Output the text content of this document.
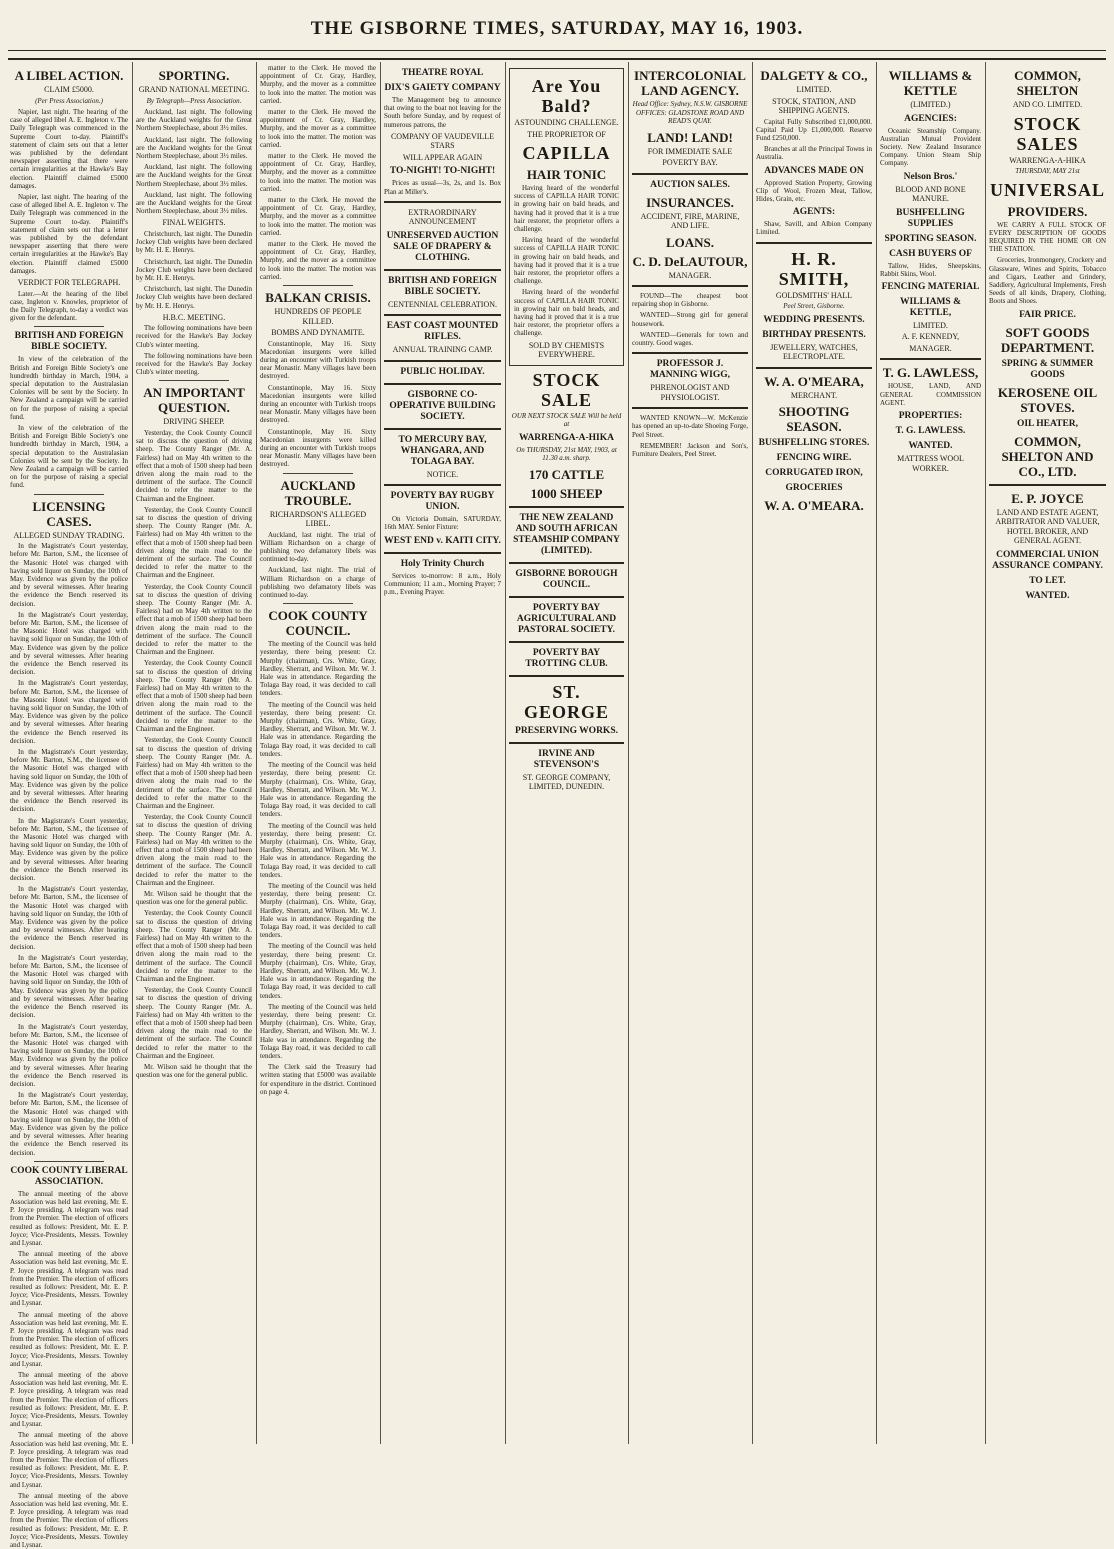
THE GISBORNE TIMES, SATURDAY, MAY 16, 1903.
A LIBEL ACTION.
CLAIM £5000.
(Per Press Association.)
Napier, last night. The hearing of the case of alleged libel A. E. Ingleton v. The Daily Telegraph was commenced in the Supreme Court to-day. Plaintiff's statement of claim sets out that a letter was published by the defendant newspaper asserting that there were certain irregularities at the Hawke's Bay election. Plaintiff claimed £5000 damages.
Napier, last night. The hearing of the case of alleged libel A. E. Ingleton v. The Daily Telegraph was commenced in the Supreme Court to-day. Plaintiff's statement of claim sets out that a letter was published by the defendant newspaper asserting that there were certain irregularities at the Hawke's Bay election. Plaintiff claimed £5000 damages.
VERDICT FOR TELEGRAPH.
Later.—At the hearing of the libel case, Ingleton v. Knowles, proprietor of the Daily Telegraph, to-day a verdict was given for the defendant.
BRITISH AND FOREIGN BIBLE SOCIETY.
In view of the celebration of the British and Foreign Bible Society's one hundredth birthday in March, 1904, a special deputation to the Australasian Colonies will be sent by the Society. In New Zealand a campaign will be carried on for the purpose of raising a special fund.
In view of the celebration of the British and Foreign Bible Society's one hundredth birthday in March, 1904, a special deputation to the Australasian Colonies will be sent by the Society. In New Zealand a campaign will be carried on for the purpose of raising a special fund.
LICENSING CASES.
ALLEGED SUNDAY TRADING.
In the Magistrate's Court yesterday, before Mr. Barton, S.M., the licensee of the Masonic Hotel was charged with having sold liquor on Sunday, the 10th of May. Evidence was given by the police and by several witnesses. After hearing the evidence the Bench reserved its decision.
In the Magistrate's Court yesterday, before Mr. Barton, S.M., the licensee of the Masonic Hotel was charged with having sold liquor on Sunday, the 10th of May. Evidence was given by the police and by several witnesses. After hearing the evidence the Bench reserved its decision.
In the Magistrate's Court yesterday, before Mr. Barton, S.M., the licensee of the Masonic Hotel was charged with having sold liquor on Sunday, the 10th of May. Evidence was given by the police and by several witnesses. After hearing the evidence the Bench reserved its decision.
In the Magistrate's Court yesterday, before Mr. Barton, S.M., the licensee of the Masonic Hotel was charged with having sold liquor on Sunday, the 10th of May. Evidence was given by the police and by several witnesses. After hearing the evidence the Bench reserved its decision.
In the Magistrate's Court yesterday, before Mr. Barton, S.M., the licensee of the Masonic Hotel was charged with having sold liquor on Sunday, the 10th of May. Evidence was given by the police and by several witnesses. After hearing the evidence the Bench reserved its decision.
In the Magistrate's Court yesterday, before Mr. Barton, S.M., the licensee of the Masonic Hotel was charged with having sold liquor on Sunday, the 10th of May. Evidence was given by the police and by several witnesses. After hearing the evidence the Bench reserved its decision.
In the Magistrate's Court yesterday, before Mr. Barton, S.M., the licensee of the Masonic Hotel was charged with having sold liquor on Sunday, the 10th of May. Evidence was given by the police and by several witnesses. After hearing the evidence the Bench reserved its decision.
In the Magistrate's Court yesterday, before Mr. Barton, S.M., the licensee of the Masonic Hotel was charged with having sold liquor on Sunday, the 10th of May. Evidence was given by the police and by several witnesses. After hearing the evidence the Bench reserved its decision.
In the Magistrate's Court yesterday, before Mr. Barton, S.M., the licensee of the Masonic Hotel was charged with having sold liquor on Sunday, the 10th of May. Evidence was given by the police and by several witnesses. After hearing the evidence the Bench reserved its decision.
COOK COUNTY LIBERAL ASSOCIATION.
The annual meeting of the above Association was held last evening, Mr. E. P. Joyce presiding. A telegram was read from the Premier. The election of officers resulted as follows: President, Mr. E. P. Joyce; Vice-Presidents, Messrs. Townley and Lysnar.
The annual meeting of the above Association was held last evening, Mr. E. P. Joyce presiding. A telegram was read from the Premier. The election of officers resulted as follows: President, Mr. E. P. Joyce; Vice-Presidents, Messrs. Townley and Lysnar.
The annual meeting of the above Association was held last evening, Mr. E. P. Joyce presiding. A telegram was read from the Premier. The election of officers resulted as follows: President, Mr. E. P. Joyce; Vice-Presidents, Messrs. Townley and Lysnar.
The annual meeting of the above Association was held last evening, Mr. E. P. Joyce presiding. A telegram was read from the Premier. The election of officers resulted as follows: President, Mr. E. P. Joyce; Vice-Presidents, Messrs. Townley and Lysnar.
The annual meeting of the above Association was held last evening, Mr. E. P. Joyce presiding. A telegram was read from the Premier. The election of officers resulted as follows: President, Mr. E. P. Joyce; Vice-Presidents, Messrs. Townley and Lysnar.
The annual meeting of the above Association was held last evening, Mr. E. P. Joyce presiding. A telegram was read from the Premier. The election of officers resulted as follows: President, Mr. E. P. Joyce; Vice-Presidents, Messrs. Townley and Lysnar.
SPORTING.
GRAND NATIONAL MEETING.
By Telegraph—Press Association.
Auckland, last night. The following are the Auckland weights for the Great Northern Steeplechase, about 3½ miles.
Auckland, last night. The following are the Auckland weights for the Great Northern Steeplechase, about 3½ miles.
Auckland, last night. The following are the Auckland weights for the Great Northern Steeplechase, about 3½ miles.
Auckland, last night. The following are the Auckland weights for the Great Northern Steeplechase, about 3½ miles.
FINAL WEIGHTS.
Christchurch, last night. The Dunedin Jockey Club weights have been declared by Mr. H. E. Henrys.
Christchurch, last night. The Dunedin Jockey Club weights have been declared by Mr. H. E. Henrys.
Christchurch, last night. The Dunedin Jockey Club weights have been declared by Mr. H. E. Henrys.
H.B.C. MEETING.
The following nominations have been received for the Hawke's Bay Jockey Club's winter meeting.
The following nominations have been received for the Hawke's Bay Jockey Club's winter meeting.
AN IMPORTANT QUESTION.
DRIVING SHEEP.
Yesterday, the Cook County Council sat to discuss the question of driving sheep. The County Ranger (Mr. A. Fairless) had on May 4th written to the effect that a mob of 1500 sheep had been driven along the main road to the detriment of the surface. The Council decided to refer the matter to the Chairman and the Engineer.
Yesterday, the Cook County Council sat to discuss the question of driving sheep. The County Ranger (Mr. A. Fairless) had on May 4th written to the effect that a mob of 1500 sheep had been driven along the main road to the detriment of the surface. The Council decided to refer the matter to the Chairman and the Engineer.
Yesterday, the Cook County Council sat to discuss the question of driving sheep. The County Ranger (Mr. A. Fairless) had on May 4th written to the effect that a mob of 1500 sheep had been driven along the main road to the detriment of the surface. The Council decided to refer the matter to the Chairman and the Engineer.
Yesterday, the Cook County Council sat to discuss the question of driving sheep. The County Ranger (Mr. A. Fairless) had on May 4th written to the effect that a mob of 1500 sheep had been driven along the main road to the detriment of the surface. The Council decided to refer the matter to the Chairman and the Engineer.
Yesterday, the Cook County Council sat to discuss the question of driving sheep. The County Ranger (Mr. A. Fairless) had on May 4th written to the effect that a mob of 1500 sheep had been driven along the main road to the detriment of the surface. The Council decided to refer the matter to the Chairman and the Engineer.
Yesterday, the Cook County Council sat to discuss the question of driving sheep. The County Ranger (Mr. A. Fairless) had on May 4th written to the effect that a mob of 1500 sheep had been driven along the main road to the detriment of the surface. The Council decided to refer the matter to the Chairman and the Engineer.
Mr. Wilson said he thought that the question was one for the general public.
Yesterday, the Cook County Council sat to discuss the question of driving sheep. The County Ranger (Mr. A. Fairless) had on May 4th written to the effect that a mob of 1500 sheep had been driven along the main road to the detriment of the surface. The Council decided to refer the matter to the Chairman and the Engineer.
Yesterday, the Cook County Council sat to discuss the question of driving sheep. The County Ranger (Mr. A. Fairless) had on May 4th written to the effect that a mob of 1500 sheep had been driven along the main road to the detriment of the surface. The Council decided to refer the matter to the Chairman and the Engineer.
Mr. Wilson said he thought that the question was one for the general public.
matter to the Clerk. He moved the appointment of Cr. Gray, Hardley, Murphy, and the mover as a committee to look into the matter. The motion was carried.
matter to the Clerk. He moved the appointment of Cr. Gray, Hardley, Murphy, and the mover as a committee to look into the matter. The motion was carried.
matter to the Clerk. He moved the appointment of Cr. Gray, Hardley, Murphy, and the mover as a committee to look into the matter. The motion was carried.
matter to the Clerk. He moved the appointment of Cr. Gray, Hardley, Murphy, and the mover as a committee to look into the matter. The motion was carried.
matter to the Clerk. He moved the appointment of Cr. Gray, Hardley, Murphy, and the mover as a committee to look into the matter. The motion was carried.
BALKAN CRISIS.
HUNDREDS OF PEOPLE KILLED.
BOMBS AND DYNAMITE.
Constantinople, May 16. Sixty Macedonian insurgents were killed during an encounter with Turkish troops near Monastir. Many villages have been destroyed.
Constantinople, May 16. Sixty Macedonian insurgents were killed during an encounter with Turkish troops near Monastir. Many villages have been destroyed.
Constantinople, May 16. Sixty Macedonian insurgents were killed during an encounter with Turkish troops near Monastir. Many villages have been destroyed.
AUCKLAND TROUBLE.
RICHARDSON'S ALLEGED LIBEL.
Auckland, last night. The trial of William Richardson on a charge of publishing two defamatory libels was continued to-day.
Auckland, last night. The trial of William Richardson on a charge of publishing two defamatory libels was continued to-day.
COOK COUNTY COUNCIL.
The meeting of the Council was held yesterday, there being present: Cr. Murphy (chairman), Crs. White, Gray, Hardley, Sherratt, and Wilson. Mr. W. J. Hale was in attendance. Regarding the Tolaga Bay road, it was decided to call tenders.
The meeting of the Council was held yesterday, there being present: Cr. Murphy (chairman), Crs. White, Gray, Hardley, Sherratt, and Wilson. Mr. W. J. Hale was in attendance. Regarding the Tolaga Bay road, it was decided to call tenders.
The meeting of the Council was held yesterday, there being present: Cr. Murphy (chairman), Crs. White, Gray, Hardley, Sherratt, and Wilson. Mr. W. J. Hale was in attendance. Regarding the Tolaga Bay road, it was decided to call tenders.
The meeting of the Council was held yesterday, there being present: Cr. Murphy (chairman), Crs. White, Gray, Hardley, Sherratt, and Wilson. Mr. W. J. Hale was in attendance. Regarding the Tolaga Bay road, it was decided to call tenders.
The meeting of the Council was held yesterday, there being present: Cr. Murphy (chairman), Crs. White, Gray, Hardley, Sherratt, and Wilson. Mr. W. J. Hale was in attendance. Regarding the Tolaga Bay road, it was decided to call tenders.
The meeting of the Council was held yesterday, there being present: Cr. Murphy (chairman), Crs. White, Gray, Hardley, Sherratt, and Wilson. Mr. W. J. Hale was in attendance. Regarding the Tolaga Bay road, it was decided to call tenders.
The meeting of the Council was held yesterday, there being present: Cr. Murphy (chairman), Crs. White, Gray, Hardley, Sherratt, and Wilson. Mr. W. J. Hale was in attendance. Regarding the Tolaga Bay road, it was decided to call tenders.
The Clerk said the Treasury had written stating that £5000 was available for expenditure in the district. Continued on page 4.
THEATRE ROYAL
DIX'S GAIETY COMPANY
The Management beg to announce that owing to the boat not leaving for the South before Sunday, and by request of numerous patrons, the
COMPANY OF VAUDEVILLE STARS
WILL APPEAR AGAIN
TO-NIGHT! TO-NIGHT!
Prices as usual—3s, 2s, and 1s. Box Plan at Miller's.
EXTRAORDINARY ANNOUNCEMENT
UNRESERVED AUCTION SALE OF DRAPERY & CLOTHING.
BRITISH AND FOREIGN BIBLE SOCIETY.
CENTENNIAL CELEBRATION.
EAST COAST MOUNTED RIFLES.
ANNUAL TRAINING CAMP.
PUBLIC HOLIDAY.
GISBORNE CO-OPERATIVE BUILDING SOCIETY.
TO MERCURY BAY, WHANGARA, AND TOLAGA BAY.
NOTICE.
POVERTY BAY RUGBY UNION.
On Victoria Domain, SATURDAY, 16th MAY. Senior Fixture:
WEST END v. KAITI CITY.
Holy Trinity Church
Services to-morrow: 8 a.m., Holy Communion; 11 a.m., Morning Prayer; 7 p.m., Evening Prayer.
Are You Bald?
ASTOUNDING CHALLENGE.
THE PROPRIETOR OF
CAPILLA
HAIR TONIC
Having heard of the wonderful success of CAPILLA HAIR TONIC in growing hair on bald heads, and having had it proved that it is a true hair restorer, the proprietor offers a challenge.
Having heard of the wonderful success of CAPILLA HAIR TONIC in growing hair on bald heads, and having had it proved that it is a true hair restorer, the proprietor offers a challenge.
Having heard of the wonderful success of CAPILLA HAIR TONIC in growing hair on bald heads, and having had it proved that it is a true hair restorer, the proprietor offers a challenge.
SOLD BY CHEMISTS EVERYWHERE.
STOCK SALE
OUR NEXT STOCK SALE Will be held at
WARRENGA-A-HIKA
On THURSDAY, 21st MAY, 1903, at 11.30 a.m. sharp.
170 CATTLE
1000 SHEEP
THE NEW ZEALAND AND SOUTH AFRICAN STEAMSHIP COMPANY (LIMITED).
GISBORNE BOROUGH COUNCIL.
POVERTY BAY AGRICULTURAL AND PASTORAL SOCIETY.
POVERTY BAY TROTTING CLUB.
ST. GEORGE
PRESERVING WORKS.
IRVINE AND STEVENSON'S
ST. GEORGE COMPANY, LIMITED, DUNEDIN.
INTERCOLONIAL LAND AGENCY.
Head Office: Sydney, N.S.W. GISBORNE OFFICES: GLADSTONE ROAD AND READ'S QUAY.
LAND! LAND!
FOR IMMEDIATE SALE
POVERTY BAY.
AUCTION SALES.
INSURANCES.
ACCIDENT, FIRE, MARINE, AND LIFE.
LOANS.
C. D. DeLAUTOUR,
MANAGER.
FOUND—The cheapest boot repairing shop in Gisborne.
WANTED—Strong girl for general housework.
WANTED—Generals for town and country. Good wages.
PROFESSOR J. MANNING WIGG,
PHRENOLOGIST AND PHYSIOLOGIST.
WANTED KNOWN—W. McKenzie has opened an up-to-date Shoeing Forge, Peel Street.
REMEMBER! Jackson and Son's, Furniture Dealers, Peel Street.
DALGETY & CO.,
LIMITED.
STOCK, STATION, AND SHIPPING AGENTS.
Capital Fully Subscribed £1,000,000. Capital Paid Up £1,000,000. Reserve Fund £250,000.
Branches at all the Principal Towns in Australia.
ADVANCES MADE ON
Approved Station Property, Growing Clip of Wool, Frozen Meat, Tallow, Hides, Grain, etc.
AGENTS:
Shaw, Savill, and Albion Company Limited.
H. R. SMITH,
GOLDSMITHS' HALL
Peel Street, Gisborne.
WEDDING PRESENTS.
BIRTHDAY PRESENTS.
JEWELLERY, WATCHES, ELECTROPLATE.
W. A. O'MEARA,
MERCHANT.
SHOOTING SEASON.
BUSHFELLING STORES.
FENCING WIRE.
CORRUGATED IRON,
GROCERIES
W. A. O'MEARA.
WILLIAMS & KETTLE
(LIMITED.)
AGENCIES:
Oceanic Steamship Company. Australian Mutual Provident Society. New Zealand Insurance Company. Union Steam Ship Company.
Nelson Bros.'
BLOOD AND BONE MANURE.
BUSHFELLING SUPPLIES
SPORTING SEASON.
CASH BUYERS OF
Tallow, Hides, Sheepskins, Rabbit Skins, Wool.
FENCING MATERIAL
WILLIAMS & KETTLE,
LIMITED.
A. F. KENNEDY,
MANAGER.
T. G. LAWLESS,
HOUSE, LAND, AND GENERAL COMMISSION AGENT.
PROPERTIES:
T. G. LAWLESS.
WANTED.
MATTRESS WOOL WORKER.
COMMON, SHELTON
AND CO. LIMITED.
STOCK SALES
WARRENGA-A-HIKA
THURSDAY, MAY 21st
UNIVERSAL
PROVIDERS.
WE CARRY A FULL STOCK OF EVERY DESCRIPTION OF GOODS REQUIRED IN THE HOME OR ON THE STATION.
Groceries, Ironmongery, Crockery and Glassware, Wines and Spirits, Tobacco and Cigars, Leather and Grindery, Saddlery, Agricultural Implements, Fresh Seeds of all kinds, Drapery, Clothing, Boots and Shoes.
FAIR PRICE.
SOFT GOODS DEPARTMENT.
SPRING & SUMMER GOODS
KEROSENE OIL STOVES.
OIL HEATER,
COMMON, SHELTON AND CO., LTD.
E. P. JOYCE
LAND AND ESTATE AGENT, ARBITRATOR AND VALUER, HOTEL BROKER, AND GENERAL AGENT.
COMMERCIAL UNION ASSURANCE COMPANY.
TO LET.
WANTED.
